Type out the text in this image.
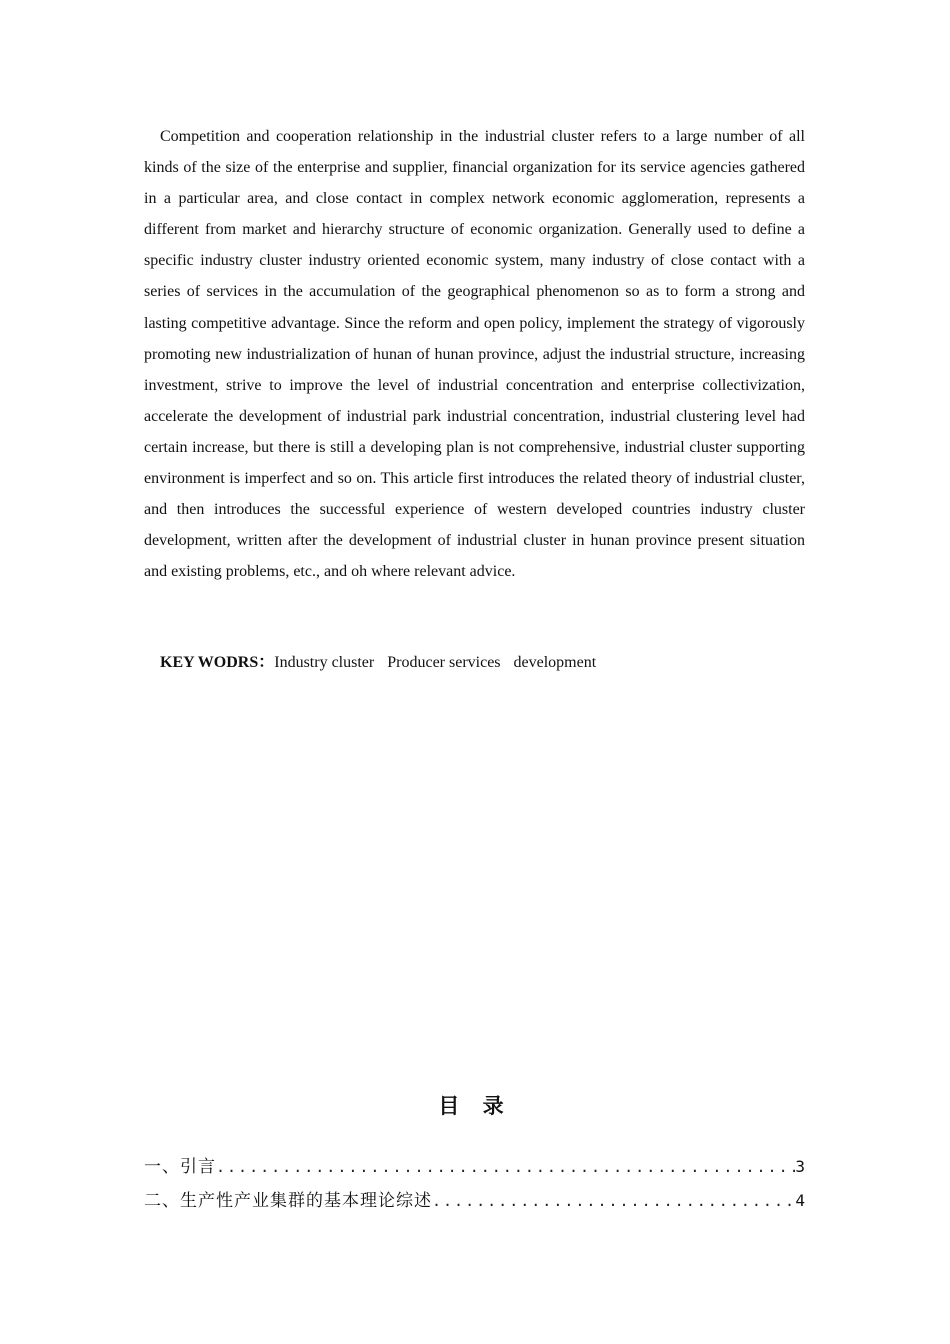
Competition and cooperation relationship in the industrial cluster refers to a large number of all kinds of the size of the enterprise and supplier, financial organization for its service agencies gathered in a particular area, and close contact in complex network economic agglomeration, represents a different from market and hierarchy structure of economic organization. Generally used to define a specific industry cluster industry oriented economic system, many industry of close contact with a series of services in the accumulation of the geographical phenomenon so as to form a strong and lasting competitive advantage. Since the reform and open policy, implement the strategy of vigorously promoting new industrialization of hunan of hunan province, adjust the industrial structure, increasing investment, strive to improve the level of industrial concentration and enterprise collectivization, accelerate the development of industrial park industrial concentration, industrial clustering level had certain increase, but there is still a developing plan is not comprehensive, industrial cluster supporting environment is imperfect and so on. This article first introduces the related theory of industrial cluster, and then introduces the successful experience of western developed countries industry cluster development, written after the development of industrial cluster in hunan province present situation and existing problems, etc., and oh where relevant advice.

KEY WODRS：Industry cluster Producer services development
目 录
一、引言 .....	3
二、生产性产业集群的基本理论综述 .....	4
